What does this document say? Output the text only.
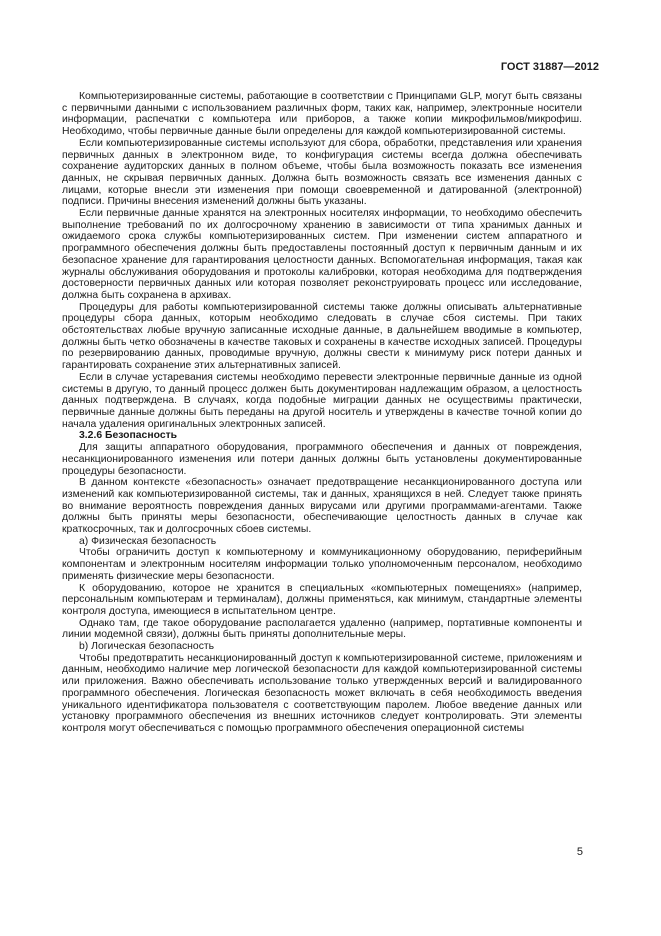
ГОСТ 31887—2012

Компьютеризированные системы, работающие в соответствии с Принципами GLP, могут быть связаны с первичными данными с использованием различных форм, таких как, например, электронные носители информации, распечатки с компьютера или приборов, а также копии микрофильмов/микрофиш. Необходимо, чтобы первичные данные были определены для каждой компьютеризированной системы.

Если компьютеризированные системы используют для сбора, обработки, представления или хранения первичных данных в электронном виде, то конфигурация системы всегда должна обеспечивать сохранение аудиторских данных в полном объеме, чтобы была возможность показать все изменения данных, не скрывая первичных данных. Должна быть возможность связать все изменения данных с лицами, которые внесли эти изменения при помощи своевременной и датированной (электронной) подписи. Причины внесения изменений должны быть указаны.

Если первичные данные хранятся на электронных носителях информации, то необходимо обеспечить выполнение требований по их долгосрочному хранению в зависимости от типа хранимых данных и ожидаемого срока службы компьютеризированных систем. При изменении систем аппаратного и программного обеспечения должны быть предоставлены постоянный доступ к первичным данным и их безопасное хранение для гарантирования целостности данных. Вспомогательная информация, такая как журналы обслуживания оборудования и протоколы калибровки, которая необходима для подтверждения достоверности первичных данных или которая позволяет реконструировать процесс или исследование, должна быть сохранена в архивах.

Процедуры для работы компьютеризированной системы также должны описывать альтернативные процедуры сбора данных, которым необходимо следовать в случае сбоя системы. При таких обстоятельствах любые вручную записанные исходные данные, в дальнейшем вводимые в компьютер, должны быть четко обозначены в качестве таковых и сохранены в качестве исходных записей. Процедуры по резервированию данных, проводимые вручную, должны свести к минимуму риск потери данных и гарантировать сохранение этих альтернативных записей.

Если в случае устаревания системы необходимо перевести электронные первичные данные из одной системы в другую, то данный процесс должен быть документирован надлежащим образом, а целостность данных подтверждена. В случаях, когда подобные миграции данных не осуществимы практически, первичные данные должны быть переданы на другой носитель и утверждены в качестве точной копии до начала удаления оригинальных электронных записей.

3.2.6 Безопасность

Для защиты аппаратного оборудования, программного обеспечения и данных от повреждения, несанкционированного изменения или потери данных должны быть установлены документированные процедуры безопасности.

В данном контексте «безопасность» означает предотвращение несанкционированного доступа или изменений как компьютеризированной системы, так и данных, хранящихся в ней. Следует также принять во внимание вероятность повреждения данных вирусами или другими программами-агентами. Также должны быть приняты меры безопасности, обеспечивающие целостность данных в случае как краткосрочных, так и долгосрочных сбоев системы.

а) Физическая безопасность

Чтобы ограничить доступ к компьютерному и коммуникационному оборудованию, периферийным компонентам и электронным носителям информации только уполномоченным персоналом, необходимо применять физические меры безопасности.

К оборудованию, которое не хранится в специальных «компьютерных помещениях» (например, персональным компьютерам и терминалам), должны применяться, как минимум, стандартные элементы контроля доступа, имеющиеся в испытательном центре.

Однако там, где такое оборудование располагается удаленно (например, портативные компоненты и линии модемной связи), должны быть приняты дополнительные меры.

b) Логическая безопасность

Чтобы предотвратить несанкционированный доступ к компьютеризированной системе, приложениям и данным, необходимо наличие мер логической безопасности для каждой компьютеризированной системы или приложения. Важно обеспечивать использование только утвержденных версий и валидированного программного обеспечения. Логическая безопасность может включать в себя необходимость введения уникального идентификатора пользователя с соответствующим паролем. Любое введение данных или установку программного обеспечения из внешних источников следует контролировать. Эти элементы контроля могут обеспечиваться с помощью программного обеспечения операционной системы

5
